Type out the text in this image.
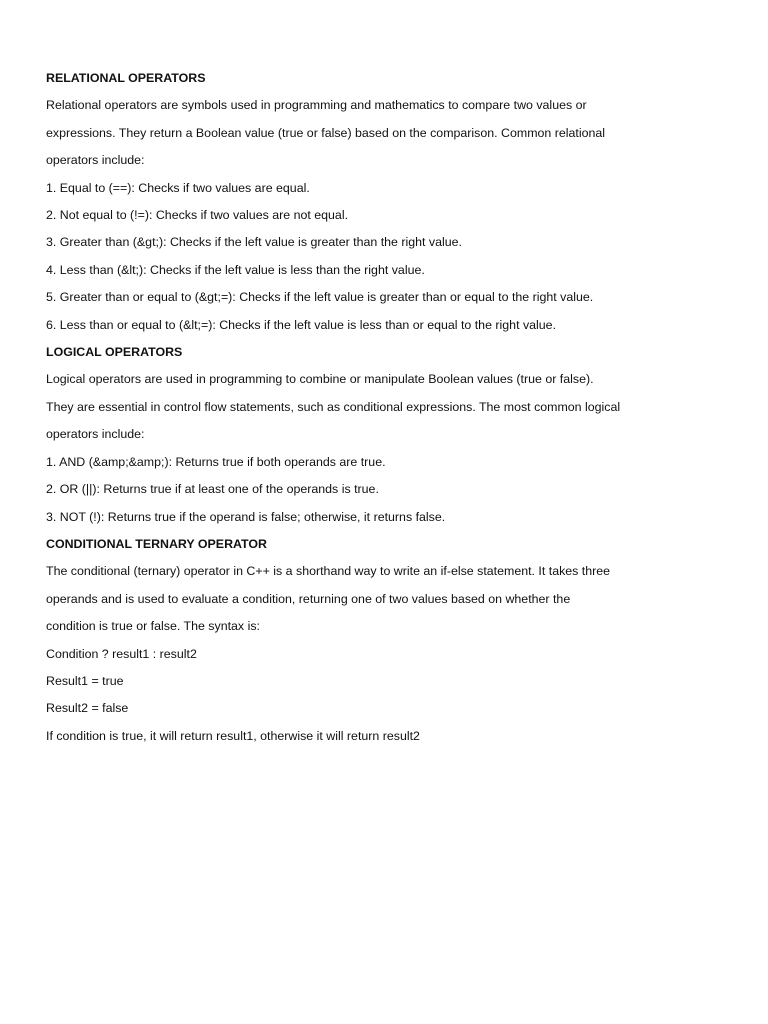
RELATIONAL OPERATORS

Relational operators are symbols used in programming and mathematics to compare two values or

expressions. They return a Boolean value (true or false) based on the comparison. Common relational

operators include:

1. Equal to (==): Checks if two values are equal.

2. Not equal to (!=): Checks if two values are not equal.

3. Greater than (&gt;): Checks if the left value is greater than the right value.

4. Less than (&lt;): Checks if the left value is less than the right value.

5. Greater than or equal to (&gt;=): Checks if the left value is greater than or equal to the right value.

6. Less than or equal to (&lt;=): Checks if the left value is less than or equal to the right value.

LOGICAL OPERATORS

Logical operators are used in programming to combine or manipulate Boolean values (true or false).

They are essential in control flow statements, such as conditional expressions. The most common logical

operators include:

1. AND (&amp;&amp;): Returns true if both operands are true.

2. OR (||): Returns true if at least one of the operands is true.

3. NOT (!): Returns true if the operand is false; otherwise, it returns false.

CONDITIONAL TERNARY OPERATOR

The conditional (ternary) operator in C++ is a shorthand way to write an if-else statement. It takes three

operands and is used to evaluate a condition, returning one of two values based on whether the

condition is true or false. The syntax is:

Condition ? result1 : result2

Result1 = true

Result2 = false

If condition is true, it will return result1, otherwise it will return result2
